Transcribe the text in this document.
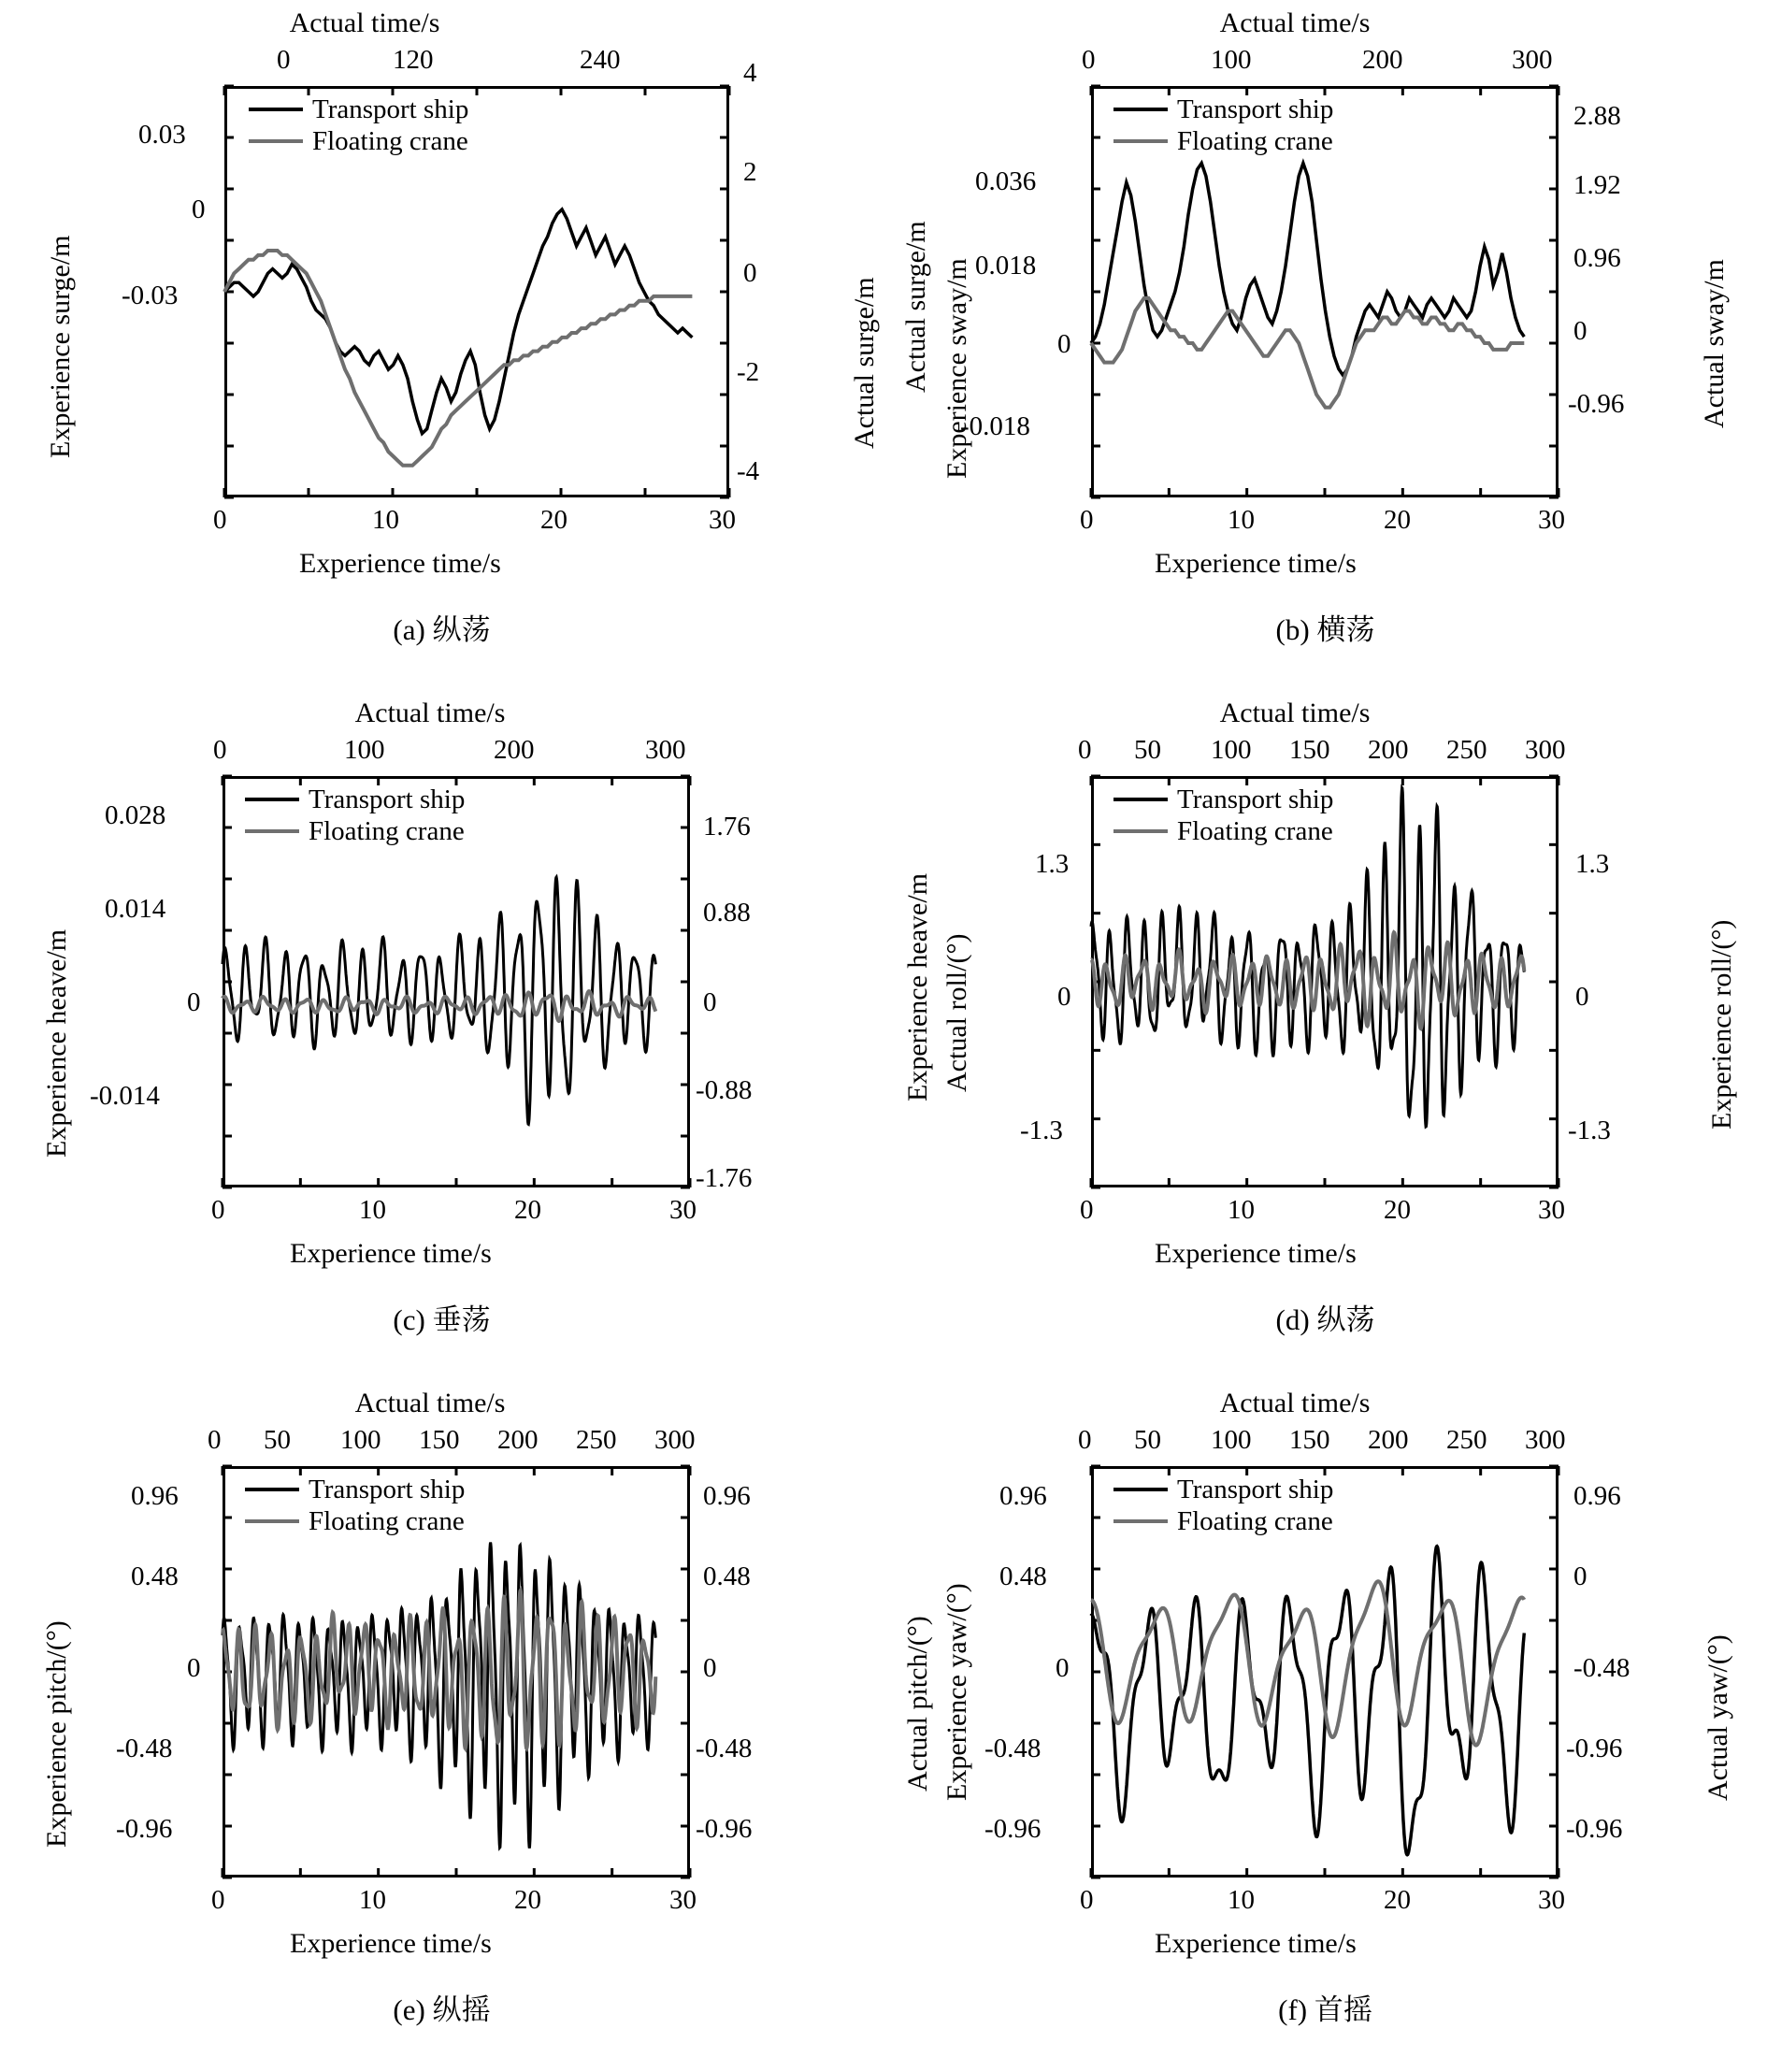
Actual time/s
0	120	240
Transport ship
Floating crane
0.03
0
-0.03
4
2
0
-2
-4
0	10	20	30
Experience time/s
Experience surge/m	Actual surge/m
(a) 纵荡
Actual time/s
0	100	200	300
Transport ship
Floating crane
0.036
0.018
0
-0.018
2.88
1.92
0.96
0
-0.96
0	10	20	30
Experience time/s
Actual surge/m Experience sway/m	Actual sway/m
(b) 横荡
Actual time/s
0	100	200	300
Transport ship
Floating crane
0.028
0.014
0
-0.014
1.76
0.88
0
-0.88
-1.76
0	10	20	30
Experience time/s
Experience heave/m
(c) 垂荡
Actual time/s
0 50 100 150 200 250 300
Transport ship
Floating crane
1.3
0
-1.3
1.3
0
-1.3
0	10	20	30
Experience time/s
Experience heave/m Actual roll/(°)	Experience roll/(°)
(d) 纵荡
Actual time/s
0 50 100 150 200 250 300
Transport ship
Floating crane
0.96
0.48
0
-0.48
-0.96
0.96
0.48
0
-0.48
-0.96
0	10	20	30
Experience time/s
Experience pitch/(°)
(e) 纵摇
Actual time/s
0 50 100 150 200 250 300
Transport ship
Floating crane
0.96
0.48
0
-0.48
-0.96
0.96
0
-0.48
-0.96
-0.96
0	10	20	30
Experience time/s
Actual pitch/(°) Experience yaw/(°)	Actual yaw/(°)
(f) 首摇
